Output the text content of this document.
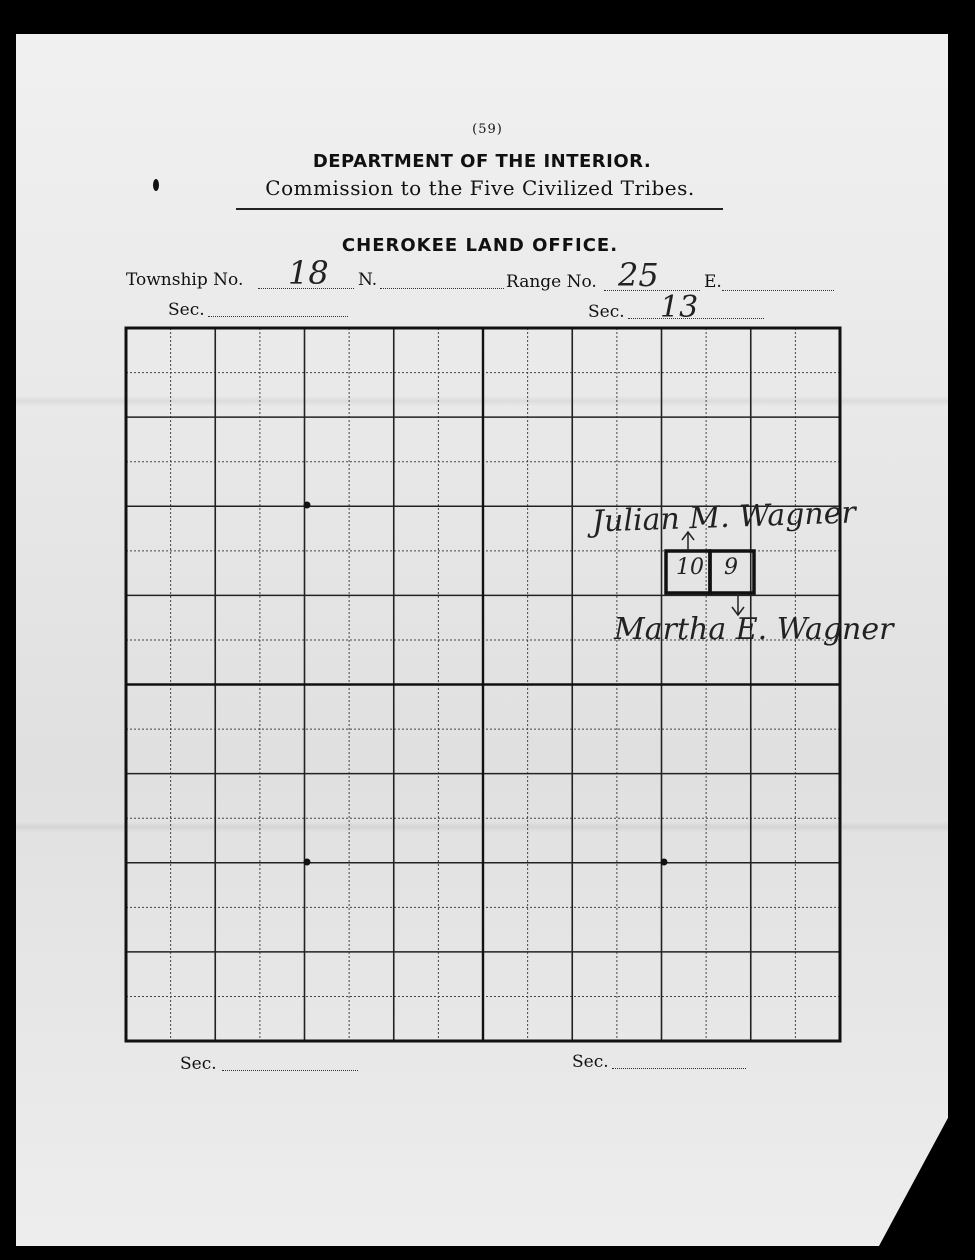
(59)
DEPARTMENT OF THE INTERIOR.
Commission to the Five Civilized Tribes.
CHEROKEE LAND OFFICE.
Township No. 18 N.	Range No. 25	E.
Sec.	Sec. 13
10 9
Julian M. Wagner
Martha E. Wagner
Sec.	Sec.
